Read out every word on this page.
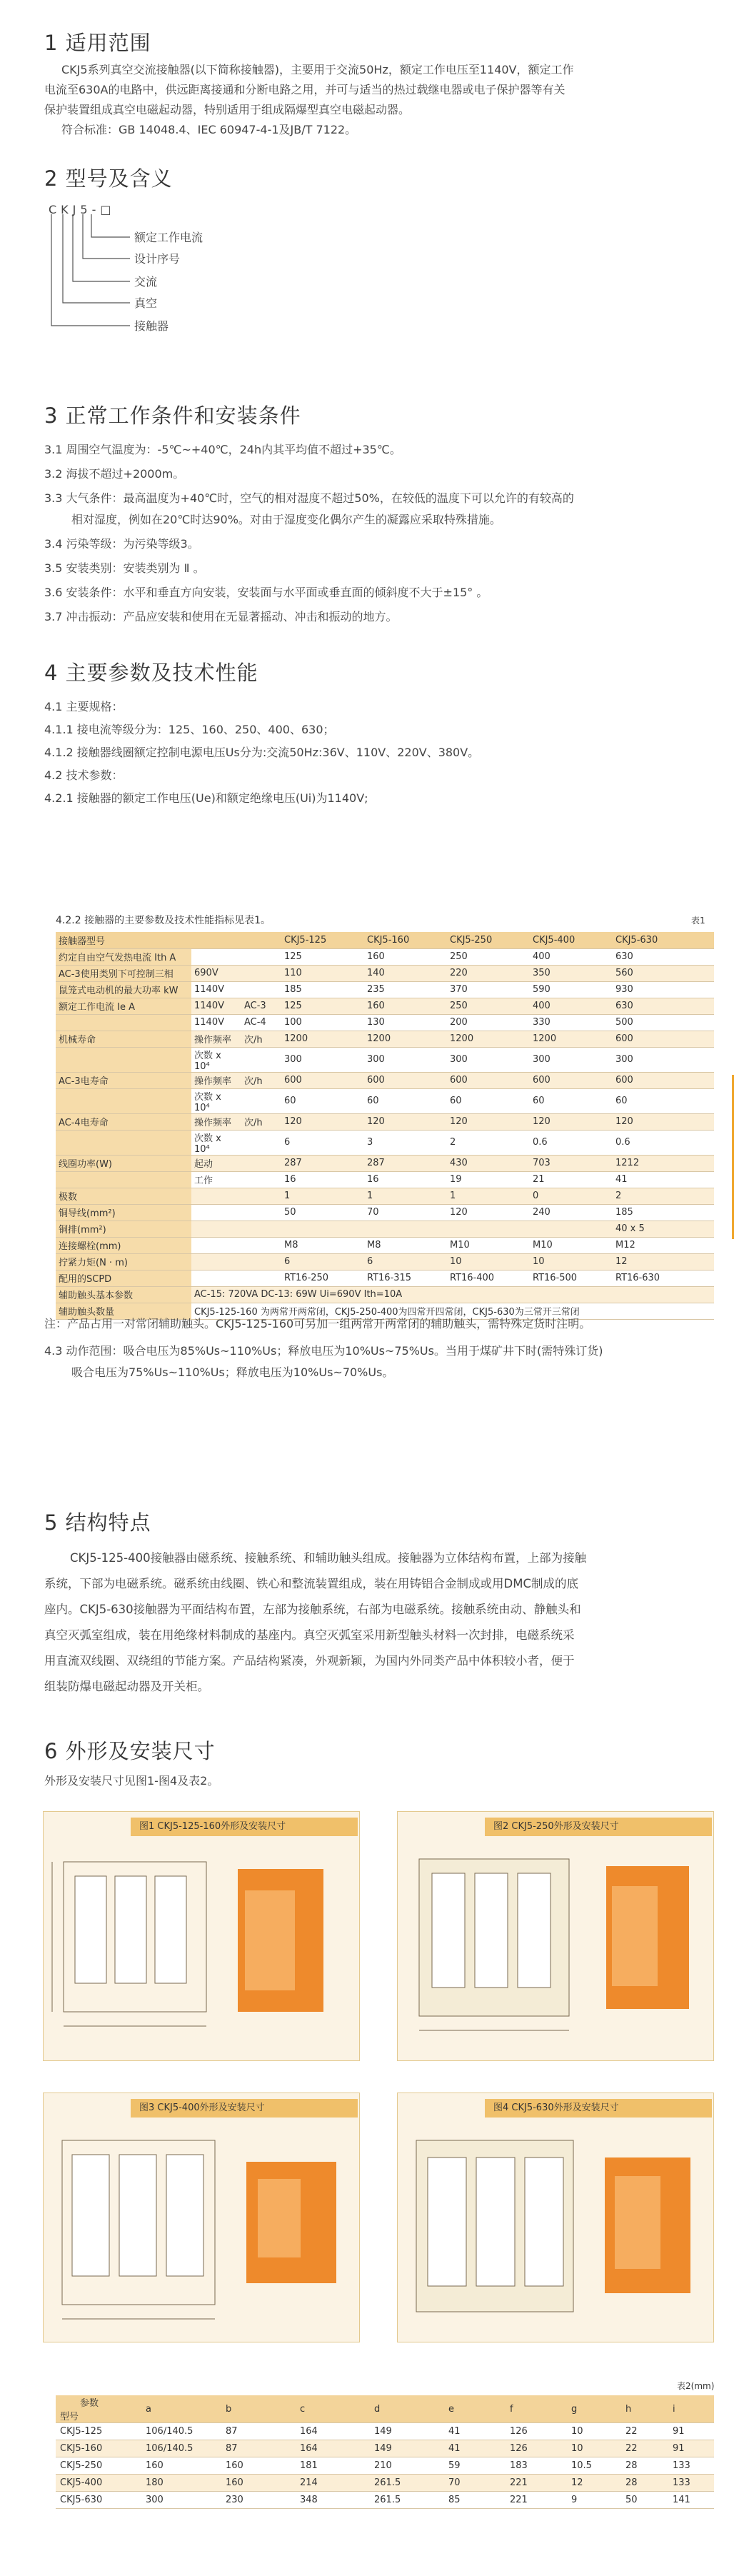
1 适用范围
CKJ5系列真空交流接触器(以下简称接触器)，主要用于交流50Hz，额定工作电压至1140V，额定工作
电流至630A的电路中，供远距离接通和分断电路之用，并可与适当的热过载继电器或电子保护器等有关
保护装置组成真空电磁起动器，特别适用于组成隔爆型真空电磁起动器。
符合标准：GB 14048.4、IEC 60947-4-1及JB/T 7122。
2 型号及含义
CKJ5-□
额定工作电流
设计序号
交流
真空
接触器
3 正常工作条件和安装条件
3.1 周围空气温度为：-5℃~+40℃，24h内其平均值不超过+35℃。
3.2 海拔不超过+2000m。
3.3 大气条件：最高温度为+40℃时，空气的相对湿度不超过50%，在较低的温度下可以允许的有较高的
相对湿度，例如在20℃时达90%。对由于湿度变化偶尔产生的凝露应采取特殊措施。
3.4 污染等级：为污染等级3。
3.5 安装类别：安装类别为 Ⅱ 。
3.6 安装条件：水平和垂直方向安装，安装面与水平面或垂直面的倾斜度不大于±15° 。
3.7 冲击振动：产品应安装和使用在无显著摇动、冲击和振动的地方。
4 主要参数及技术性能
4.1 主要规格：
4.1.1 接电流等级分为：125、160、250、400、630；
4.1.2 接触器线圈额定控制电源电压Us分为:交流50Hz:36V、110V、220V、380V。
4.2 技术参数：
4.2.1 接触器的额定工作电压(Ue)和额定绝缘电压(Ui)为1140V;
4.2.2 接触器的主要参数及技术性能指标见表1。	表1
接触器型号			CKJ5-125	CKJ5-160	CKJ5-250	CKJ5-400	CKJ5-630
约定自由空气发热电流 Ith A			125	160	250	400	630
AC-3使用类别下可控制三相	690V		110	140	220	350	560
鼠笼式电动机的最大功率 kW	1140V		185	235	370	590	930
额定工作电流 Ie A	1140V	AC-3	125	160	250	400	630
	1140V	AC-4	100	130	200	330	500
机械寿命	操作频率	次/h	1200	1200	1200	1200	600
	次数 x 10⁴		300	300	300	300	300
AC-3电寿命	操作频率	次/h	600	600	600	600	600
	次数 x 10⁴		60	60	60	60	60
AC-4电寿命	操作频率	次/h	120	120	120	120	120
	次数 x 10⁴		6	3	2	0.6	0.6
线圈功率(W)	起动		287	287	430	703	1212
	工作		16	16	19	21	41
极数			1	1	1	0	2
铜导线(mm²)			50	70	120	240	185
铜排(mm²)							40 x 5
连接螺栓(mm)			M8	M8	M10	M10	M12
拧紧力矩(N · m)			6	6	10	10	12
配用的SCPD			RT16-250	RT16-315	RT16-400	RT16-500	RT16-630
辅助触头基本参数	AC-15: 720VA DC-13: 69W Ui=690V Ith=10A						
辅助触头数量	CKJ5-125-160 为两常开两常闭，CKJ5-250-400为四常开四常闭，CKJ5-630为三常开三常闭						
注：产品占用一对常闭辅助触头。CKJ5-125-160可另加一组两常开两常闭的辅助触头，需特殊定货时注明。
4.3 动作范围：吸合电压为85%Us~110%Us；释放电压为10%Us~75%Us。当用于煤矿井下时(需特殊订货)
吸合电压为75%Us~110%Us；释放电压为10%Us~70%Us。
5 结构特点
CKJ5-125-400接触器由磁系统、接触系统、和辅助触头组成。接触器为立体结构布置，上部为接触
系统，下部为电磁系统。磁系统由线圈、铁心和整流装置组成，装在用铸铝合金制成或用DMC制成的底
座内。CKJ5-630接触器为平面结构布置，左部为接触系统，右部为电磁系统。接触系统由动、静触头和
真空灭弧室组成，装在用绝缘材料制成的基座内。真空灭弧室采用新型触头材料一次封排，电磁系统采
用直流双线圈、双绕组的节能方案。产品结构紧凑，外观新颖，为国内外同类产品中体积较小者，便于
组装防爆电磁起动器及开关柜。
6 外形及安装尺寸
外形及安装尺寸见图1-图4及表2。
图1 CKJ5-125-160外形及安装尺寸	图2 CKJ5-250外形及安装尺寸
图3 CKJ5-400外形及安装尺寸	图4 CKJ5-630外形及安装尺寸
表2(mm)
参数
型号	a	b	c	d	e	f	g	h	i
CKJ5-125	106/140.5	87	164	149	41	126	10	22	91
CKJ5-160	106/140.5	87	164	149	41	126	10	22	91
CKJ5-250	160	160	181	210	59	183	10.5	28	133
CKJ5-400	180	160	214	261.5	70	221	12	28	133
CKJ5-630	300	230	348	261.5	85	221	9	50	141
